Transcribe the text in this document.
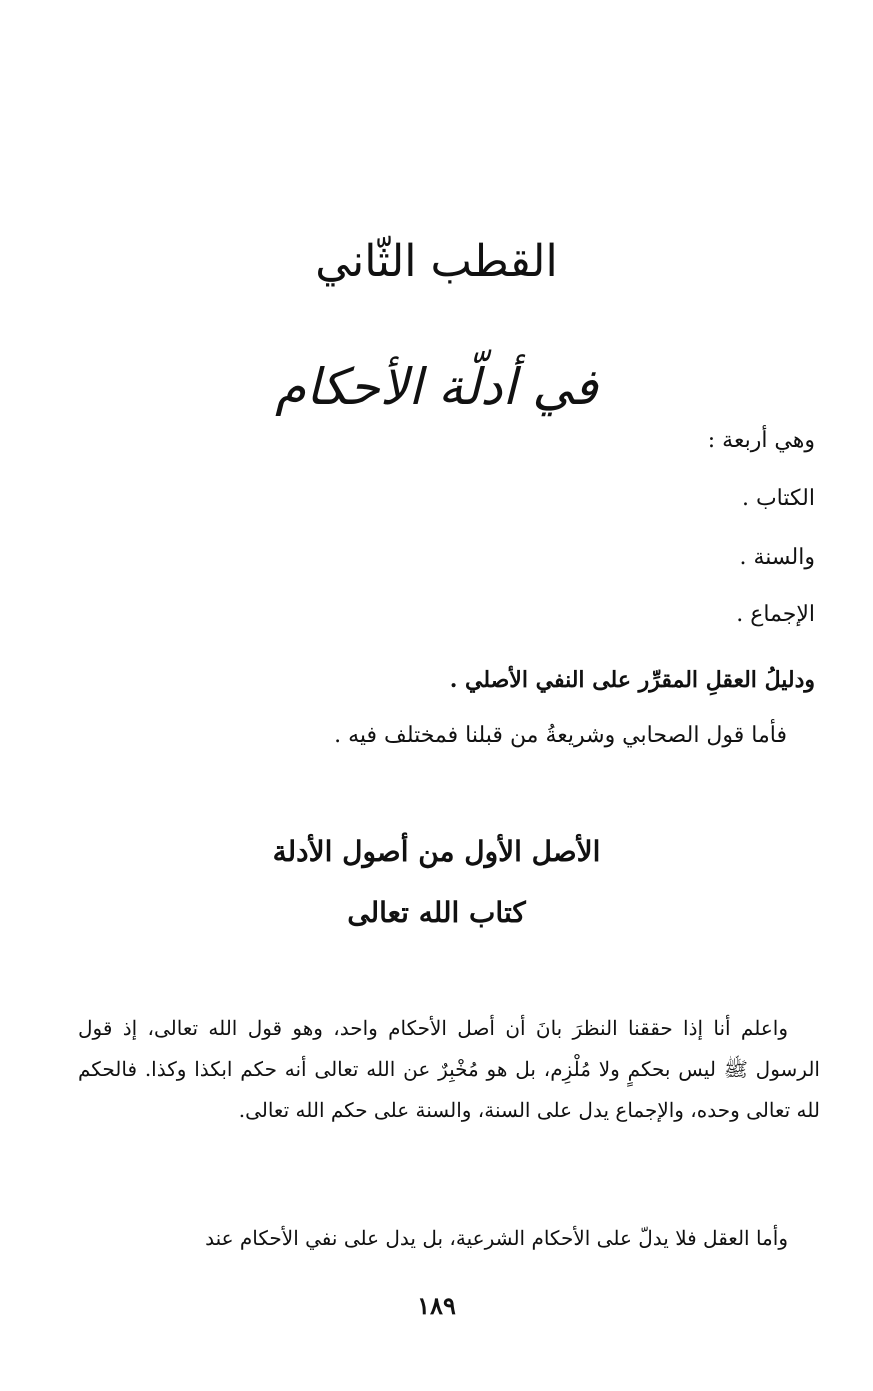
القطب الثّاني
في أدلّة الأحكام
وهي أربعة :
الكتاب .
والسنة .
الإجماع .
ودليلُ العقلِ المقرِّر على النفي الأصلي .
فأما قول الصحابي وشريعةُ من قبلنا فمختلف فيه .
الأصل الأول من أصول الأدلة
كتاب الله تعالى
واعلم أنا إذا حققنا النظرَ بانَ أن أصل الأحكام واحد، وهو قول الله تعالى، إذ قول الرسول ﷺ ليس بحكمٍ ولا مُلْزِم، بل هو مُخْبِرٌ عن الله تعالى أنه حكم ابكذا وكذا. فالحكم لله تعالى وحده، والإجماع يدل على السنة، والسنة على حكم الله تعالى.
وأما العقل فلا يدلّ على الأحكام الشرعية، بل يدل على نفي الأحكام عند
١٨٩
